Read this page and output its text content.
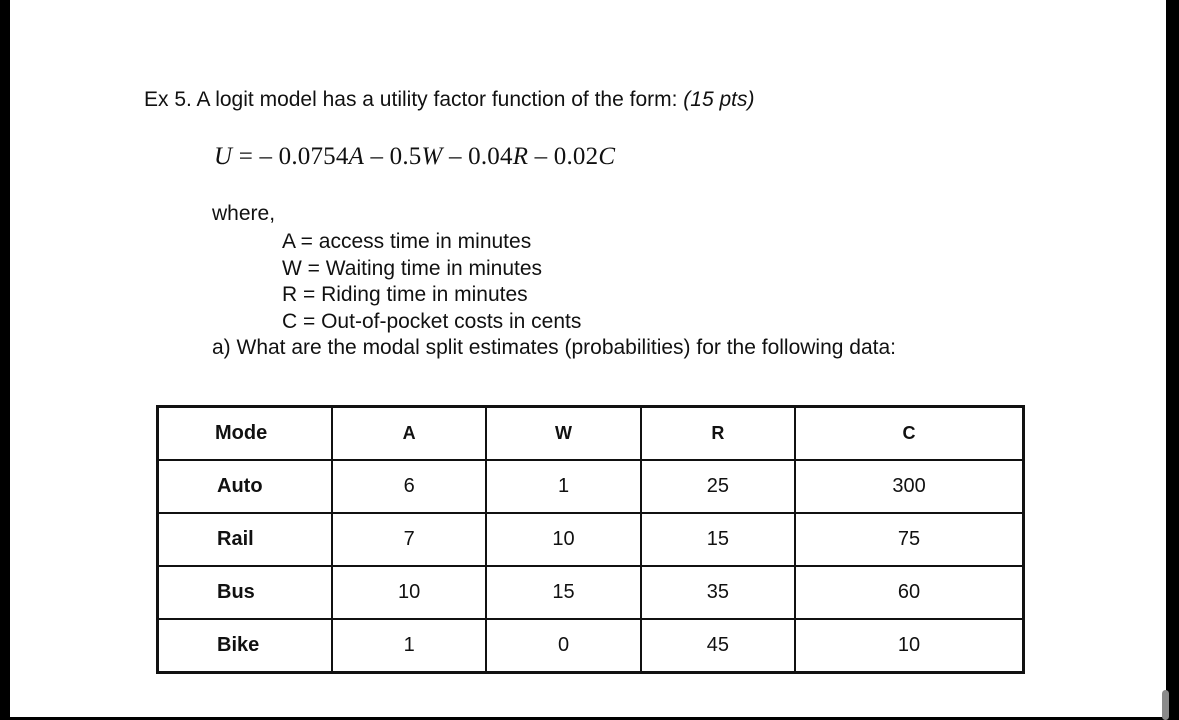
Ex 5. A logit model has a utility factor function of the form: (15 pts)
U = – 0.0754A – 0.5W – 0.04R – 0.02C
where,
A = access time in minutes
W = Waiting time in minutes
R = Riding time in minutes
C = Out-of-pocket costs in cents
a) What are the modal split estimates (probabilities) for the following data:
Mode	A	W	R	C
Auto	6	1	25	300
Rail	7	10	15	75
Bus	10	15	35	60
Bike	1	0	45	10
